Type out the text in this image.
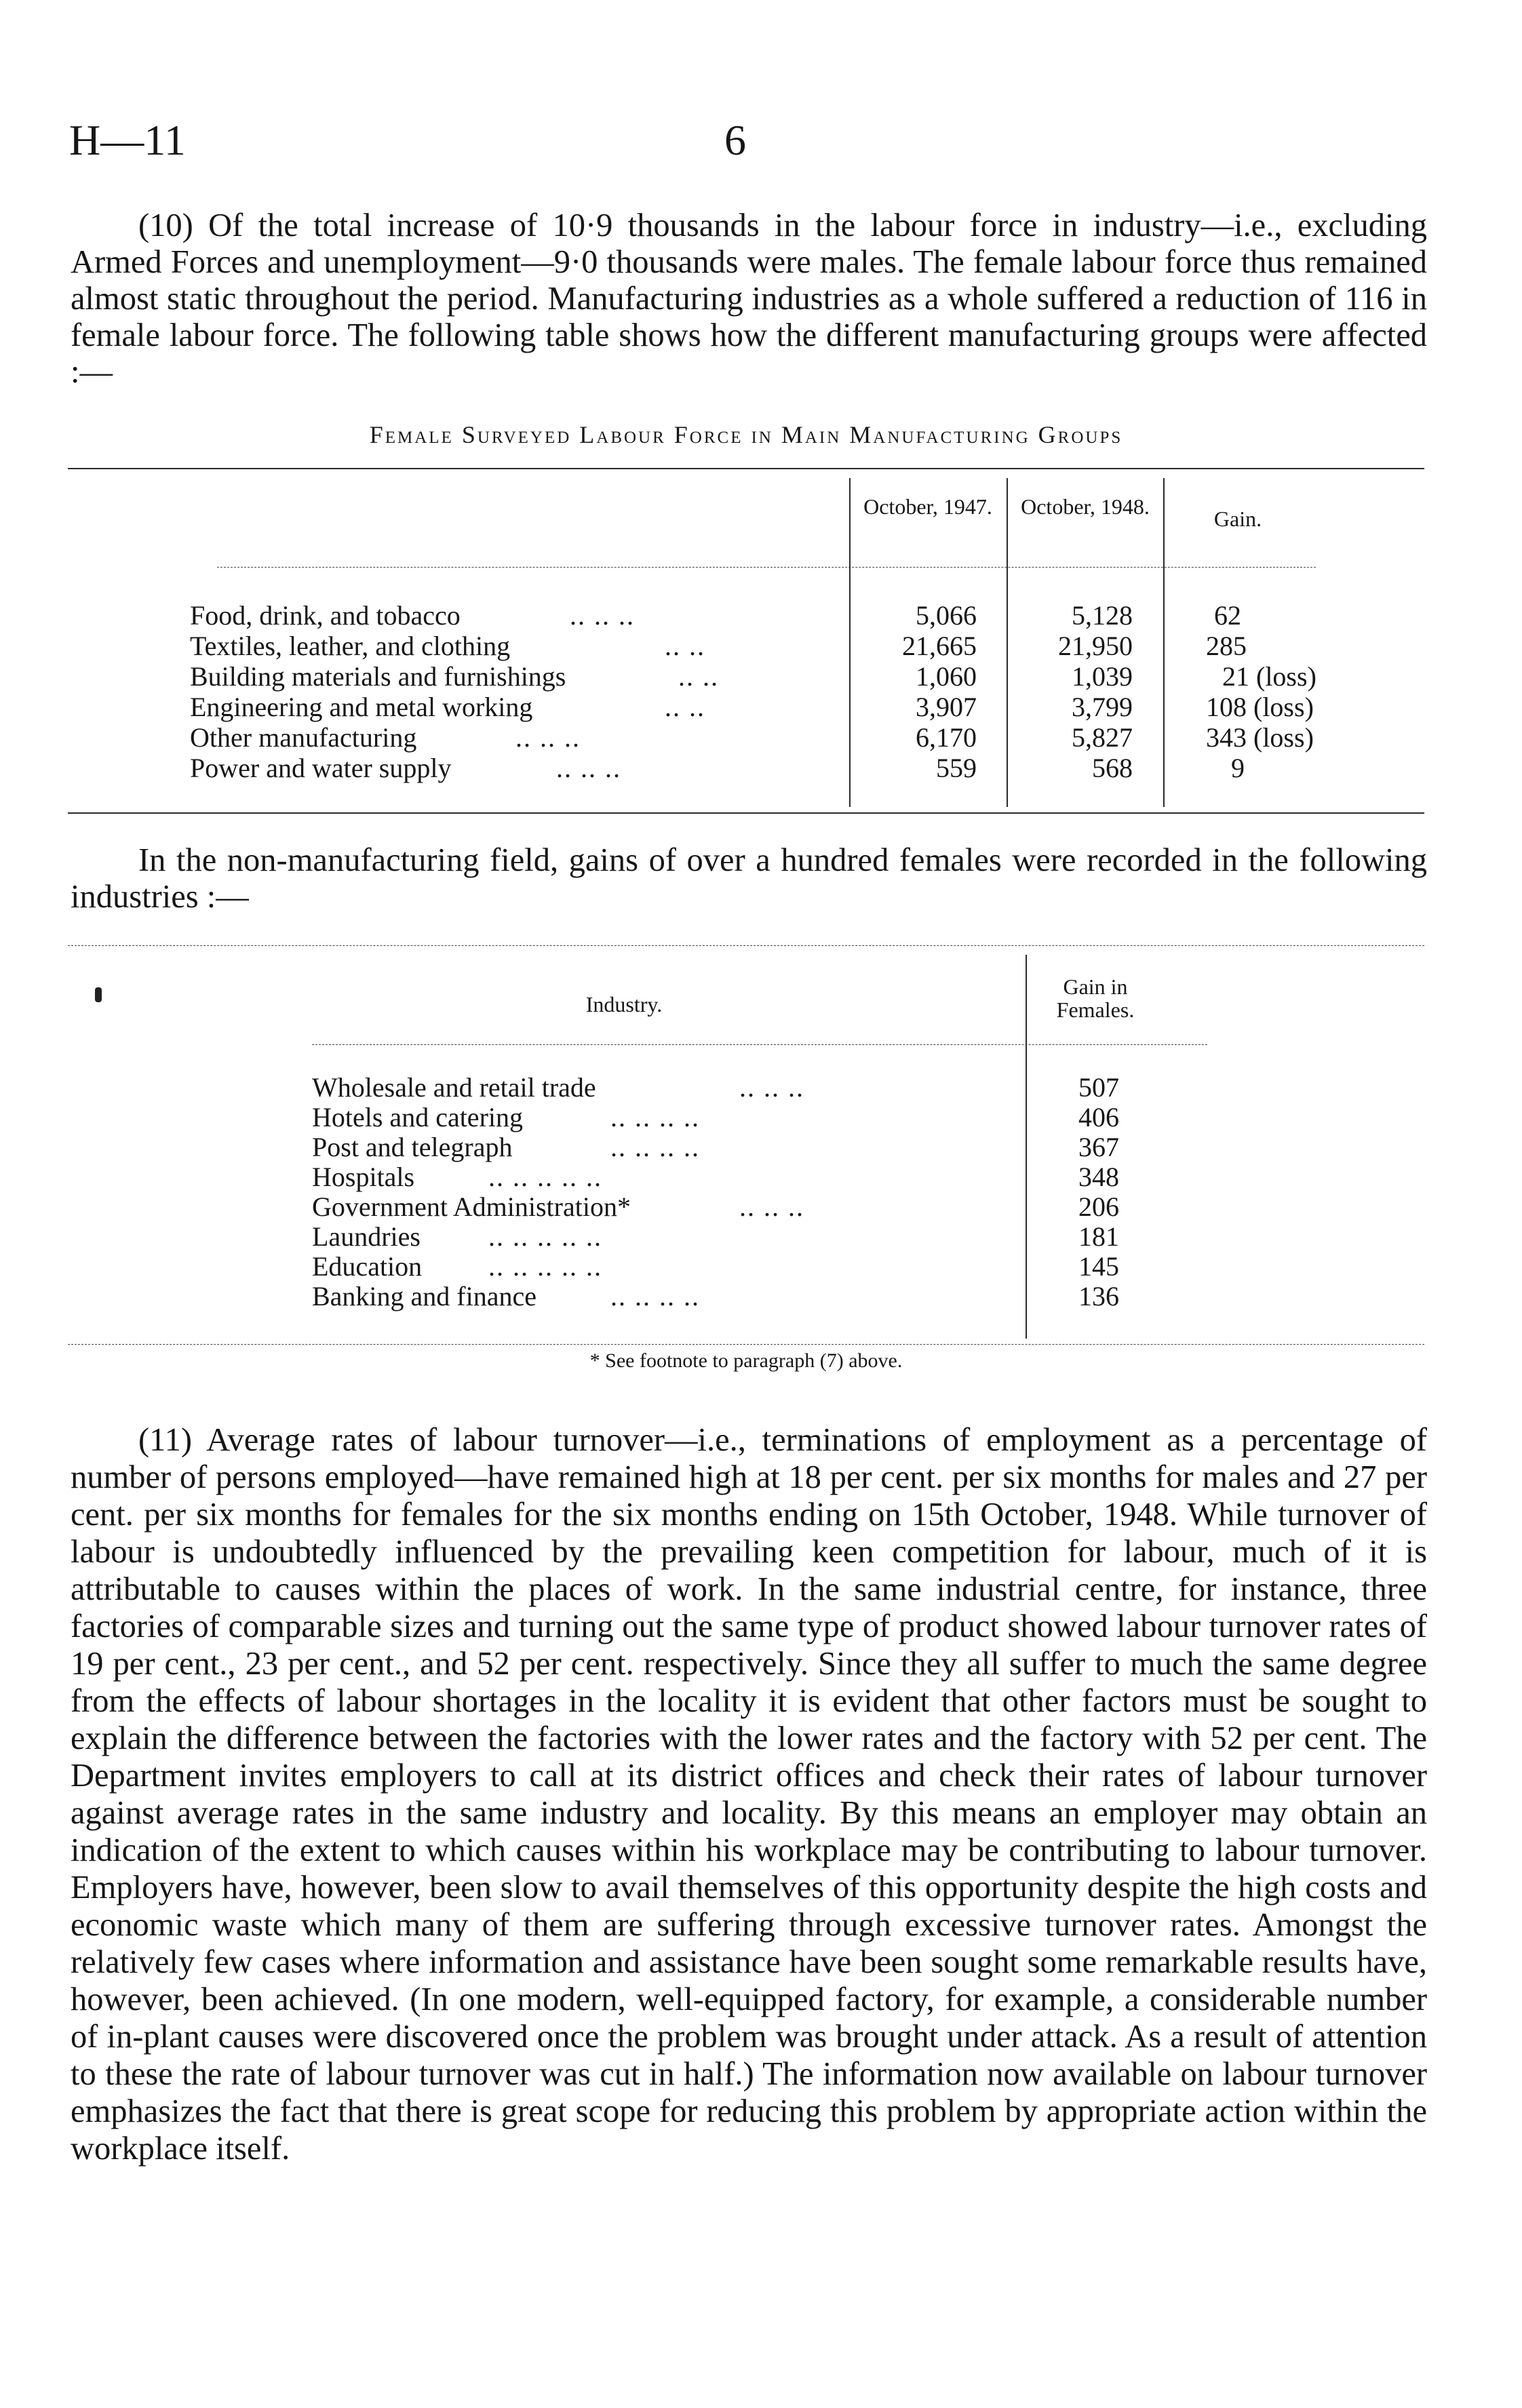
H—11	6
(10) Of the total increase of 10·9 thousands in the labour force in industry—i.e., excluding Armed Forces and unemployment—9·0 thousands were males. The female labour force thus remained almost static throughout the period. Manufacturing industries as a whole suffered a reduction of 116 in female labour force. The following table shows how the different manufacturing groups were affected :—
Female Surveyed Labour Force in Main Manufacturing Groups
October, 1947. October, 1948.	Gain.
Food, drink, and tobacco	.. .. ..	5,066	5,128	62
Textiles, leather, and clothing	.. ..	21,665	21,950	285
Building materials and furnishings	.. ..	1,060	1,039	21 (loss)
Engineering and metal working	.. ..	3,907	3,799	108 (loss)
Other manufacturing	.. .. ..	6,170	5,827	343 (loss)
Power and water supply	.. .. ..	559	568	9
In the non-manufacturing field, gains of over a hundred females were recorded in the following industries :—
Industry.
Gain in Females.
Wholesale and retail trade	.. .. ..	507
Hotels and catering	.. .. .. ..	406
Post and telegraph	.. .. .. ..	367
Hospitals	.. .. .. .. ..	348
Government Administration*	.. .. ..	206
Laundries	.. .. .. .. ..	181
Education .. .. .. .. ..	145
Banking and finance	.. .. .. ..	136
* See footnote to paragraph (7) above.
(11) Average rates of labour turnover—i.e., terminations of employment as a percentage of number of persons employed—have remained high at 18 per cent. per six months for males and 27 per cent. per six months for females for the six months ending on 15th October, 1948. While turnover of labour is undoubtedly influenced by the prevailing keen competition for labour, much of it is attributable to causes within the places of work. In the same industrial centre, for instance, three factories of comparable sizes and turning out the same type of product showed labour turnover rates of 19 per cent., 23 per cent., and 52 per cent. respectively. Since they all suffer to much the same degree from the effects of labour shortages in the locality it is evident that other factors must be sought to explain the difference between the factories with the lower rates and the factory with 52 per cent. The Department invites employers to call at its district offices and check their rates of labour turnover against average rates in the same industry and locality. By this means an employer may obtain an indication of the extent to which causes within his workplace may be contributing to labour turnover. Employers have, however, been slow to avail themselves of this opportunity despite the high costs and economic waste which many of them are suffering through excessive turnover rates. Amongst the relatively few cases where information and assistance have been sought some remarkable results have, however, been achieved. (In one modern, well-equipped factory, for example, a considerable number of in-plant causes were discovered once the problem was brought under attack. As a result of attention to these the rate of labour turnover was cut in half.) The information now available on labour turnover emphasizes the fact that there is great scope for reducing this problem by appropriate action within the workplace itself.
